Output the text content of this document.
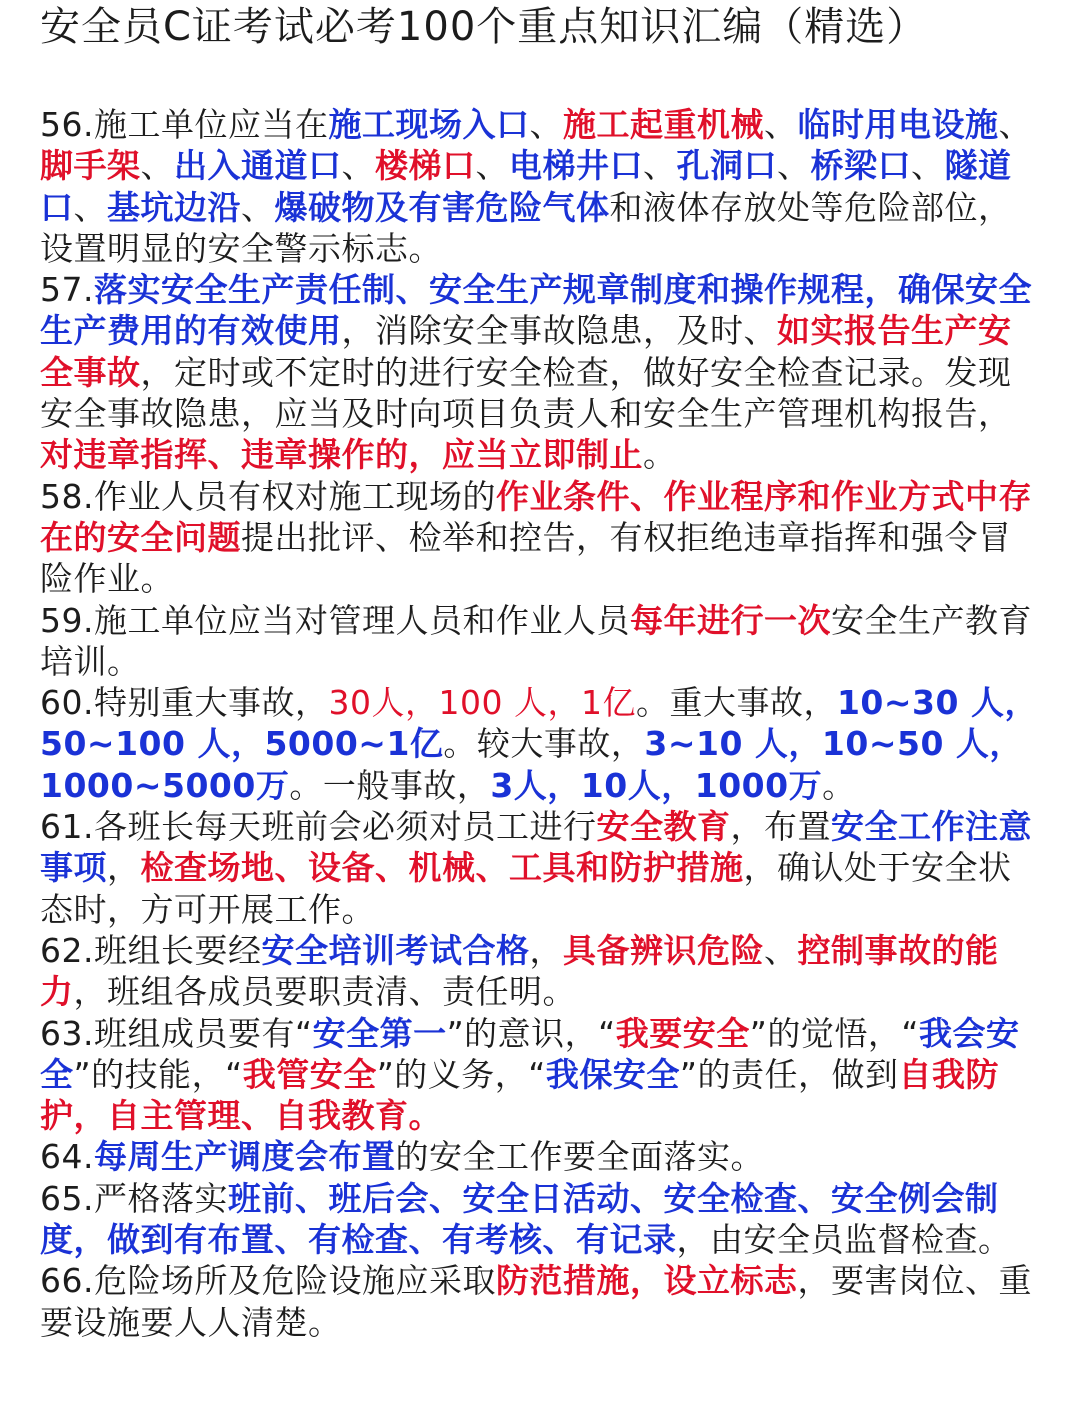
安全员C证考试必考100个重点知识汇编（精选）
56.施工单位应当在施工现场入口、施工起重机械、临时用电设施、脚手架、出入通道口、楼梯口、电梯井口、孔洞口、桥梁口、隧道口、基坑边沿、爆破物及有害危险气体和液体存放处等危险部位，设置明显的安全警示标志。
57.落实安全生产责任制、安全生产规章制度和操作规程，确保安全生产费用的有效使用，消除安全事故隐患，及时、如实报告生产安全事故，定时或不定时的进行安全检查，做好安全检查记录。发现安全事故隐患，应当及时向项目负责人和安全生产管理机构报告，对违章指挥、违章操作的，应当立即制止。
58.作业人员有权对施工现场的作业条件、作业程序和作业方式中存在的安全问题提出批评、检举和控告，有权拒绝违章指挥和强令冒险作业。
59.施工单位应当对管理人员和作业人员每年进行一次安全生产教育培训。
60.特别重大事故，30人，100 人，1亿。重大事故，10~30 人，50~100 人，5000~1亿。较大事故，3~10 人，10~50 人，1000~5000万。一般事故，3人，10人，1000万。
61.各班长每天班前会必须对员工进行安全教育，布置安全工作注意事项，检查场地、设备、机械、工具和防护措施，确认处于安全状态时，方可开展工作。
62.班组长要经安全培训考试合格，具备辨识危险、控制事故的能力，班组各成员要职责清、责任明。
63.班组成员要有“安全第一”的意识，“我要安全”的觉悟，“我会安全”的技能，“我管安全”的义务，“我保安全”的责任，做到自我防护，自主管理、自我教育。
64.每周生产调度会布置的安全工作要全面落实。
65.严格落实班前、班后会、安全日活动、安全检查、安全例会制度，做到有布置、有检查、有考核、有记录，由安全员监督检查。
66.危险场所及危险设施应采取防范措施，设立标志，要害岗位、重要设施要人人清楚。
